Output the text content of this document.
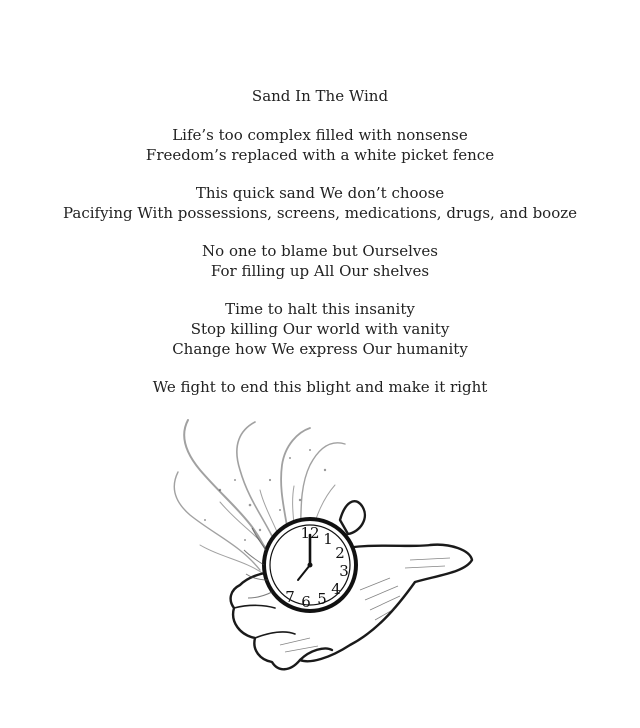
Sand In The Wind
Life’s too complex filled with nonsense
Freedom’s replaced with a white picket fence
This quick sand We don’t choose
Pacifying With possessions, screens, medications, drugs, and booze
No one to blame but Ourselves
For filling up All Our shelves
Time to halt this insanity
Stop killing Our world with vanity
Change how We express Our humanity
We fight to end this blight and make it right
12 1
2
3
4
5
6
7
